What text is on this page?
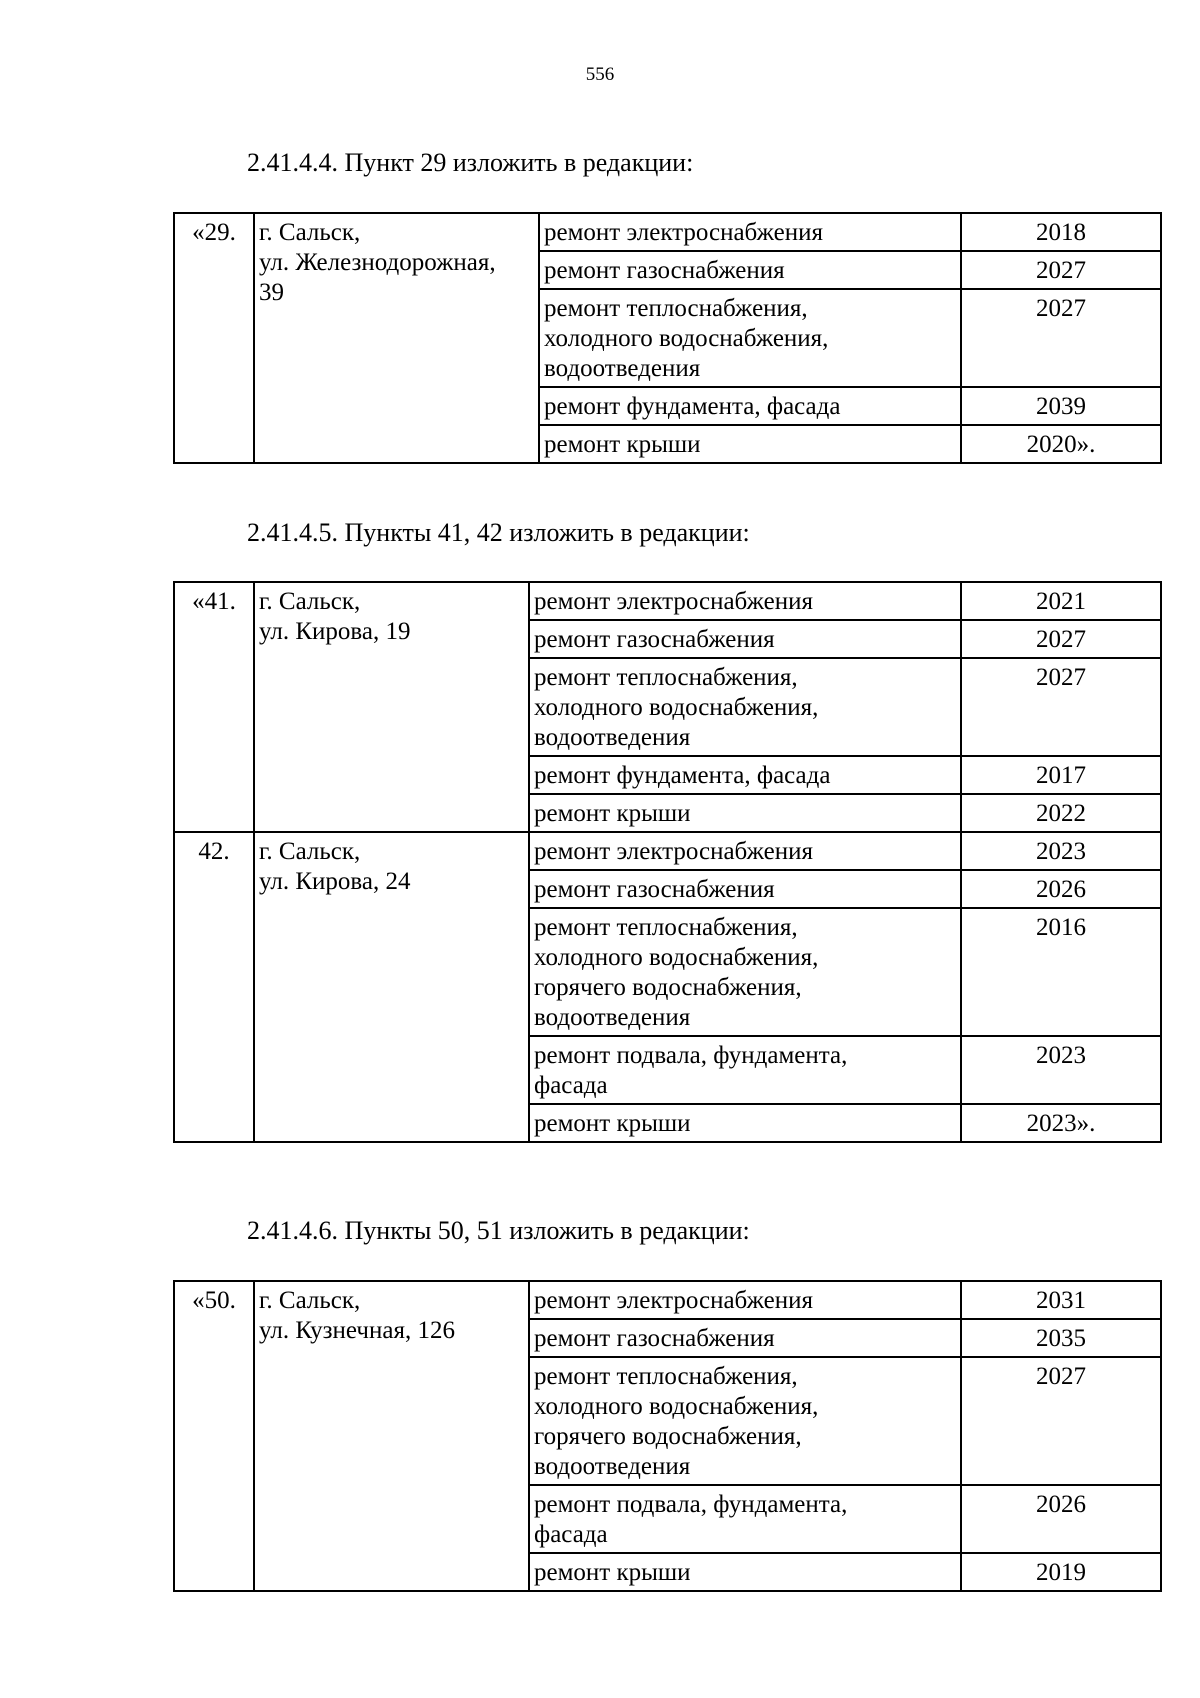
556
2.41.4.4. Пункт 29 изложить в редакции:
«29.	г. Сальск,
ул. Железнодорожная,
39	ремонт электроснабжения	2018

		ремонт газоснабжения	2027

		ремонт теплоснабжения,
холодного водоснабжения,
водоотведения	2027

		ремонт фундамента, фасада	2039

		ремонт крыши	2020».
2.41.4.5. Пункты 41, 42 изложить в редакции:
«41.	г. Сальск,
ул. Кирова, 19	ремонт электроснабжения	2021

		ремонт газоснабжения	2027

		ремонт теплоснабжения,
холодного водоснабжения,
водоотведения	2027

		ремонт фундамента, фасада	2017

		ремонт крыши	2022
42.	г. Сальск,
ул. Кирова, 24	ремонт электроснабжения	2023

		ремонт газоснабжения	2026

		ремонт теплоснабжения,
холодного водоснабжения,
горячего водоснабжения,
водоотведения	2016

		ремонт подвала, фундамента,
фасада	2023

		ремонт крыши	2023».
2.41.4.6. Пункты 50, 51 изложить в редакции:
«50.	г. Сальск,
ул. Кузнечная, 126	ремонт электроснабжения	2031

		ремонт газоснабжения	2035

		ремонт теплоснабжения,
холодного водоснабжения,
горячего водоснабжения,
водоотведения	2027

		ремонт подвала, фундамента,
фасада	2026

		ремонт крыши	2019
